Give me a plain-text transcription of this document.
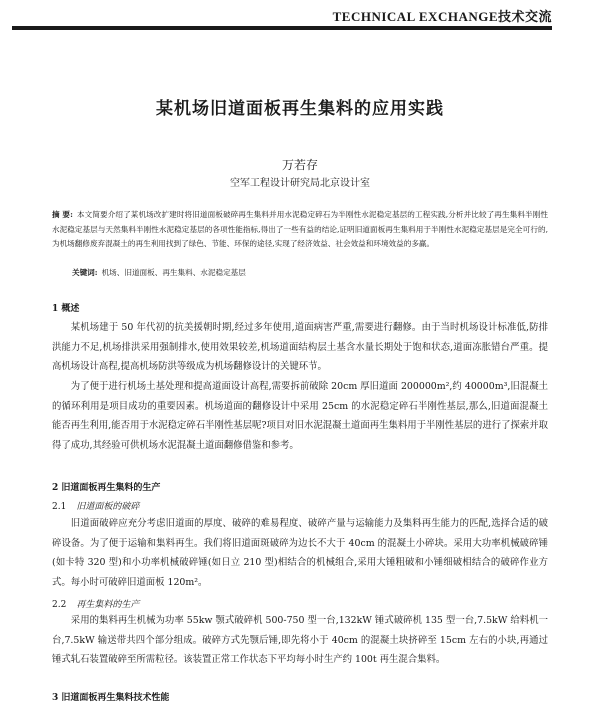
TECHNICAL EXCHANGE技术交流
某机场旧道面板再生集料的应用实践
万若存
空军工程设计研究局北京设计室
摘 要: 本文简要介绍了某机场改扩建时将旧道面板破碎再生集料并用水泥稳定碎石为半刚性水泥稳定基层的工程实践,分析并比较了再生集料半刚性水泥稳定基层与天然集料半刚性水泥稳定基层的各项性能指标,得出了一些有益的结论,证明旧道面板再生集料用于半刚性水泥稳定基层是完全可行的,为机场翻修废弃混凝土的再生利用找到了绿色、节能、环保的途径,实现了经济效益、社会效益和环境效益的多赢。
关键词: 机场、旧道面板、再生集料、水泥稳定基层
1 概述

某机场建于 50 年代初的抗美援朝时期,经过多年使用,道面病害严重,需要进行翻修。由于当时机场设计标准低,防排洪能力不足,机场排洪采用强制排水,使用效果较差,机场道面结构层土基含水量长期处于饱和状态,道面冻胀错台严重。提高机场设计高程,提高机场防洪等级成为机场翻修设计的关键环节。

为了便于进行机场土基处理和提高道面设计高程,需要拆前破除 20cm 厚旧道面 200000m²,约 40000m³,旧混凝土的循环利用是项目成功的重要因素。机场道面的翻修设计中采用 25cm 的水泥稳定碎石半刚性基层,那么,旧道面混凝土能否再生利用,能否用于水泥稳定碎石半刚性基层呢?项目对旧水泥混凝土道面再生集料用于半刚性基层的进行了探索并取得了成功,其经验可供机场水泥混凝土道面翻修借鉴和参考。

2 旧道面板再生集料的生产
2.1 旧道面板的破碎

旧道面破碎应充分考虑旧道面的厚度、破碎的难易程度、破碎产量与运输能力及集料再生能力的匹配,选择合适的破碎设备。为了便于运输和集料再生。我们将旧道面斑破碎为边长不大于 40cm 的混凝土小碎块。采用大功率机械破碎锤(如卡特 320 型)和小功率机械破碎锤(如日立 210 型)相结合的机械组合,采用大锤粗破和小锤细破相结合的破碎作业方式。每小时可破碎旧道面板 120m²。

2.2 再生集料的生产

采用的集料再生机械为功率 55kw 颚式破碎机 500-750 型一台,132kW 锤式破碎机 135 型一台,7.5kW 给料机一台,7.5kW 输送带共四个部分组成。破碎方式先颚后锤,即先将小于 40cm 的混凝土块挤碎至 15cm 左右的小块,再通过锤式轧石装置破碎至所需粒径。该装置正常工作状态下平均每小时生产约 100t 再生混合集料。

3 旧道面板再生集料技术性能
